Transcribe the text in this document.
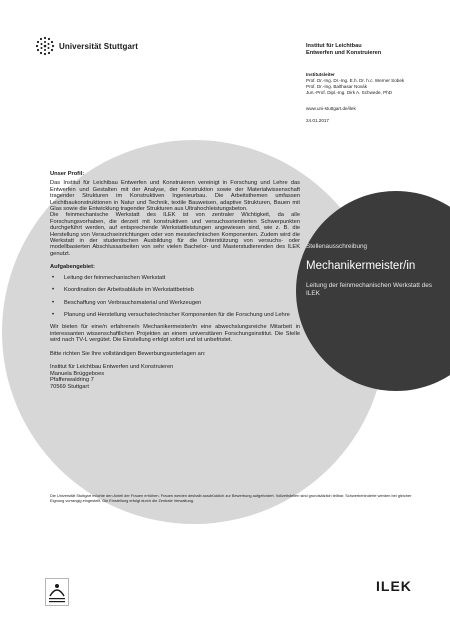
Universität Stuttgart	Institut für Leichtbau
Entwerfen und Konstruieren
Institutsleiter
Prof. Dr.-Ing. Dr.-Ing. E.h. Dr. h.c. Werner Sobek
Prof. Dr.-Ing. Balthasar Novák
Jun.-Prof. Dipl.-Ing. Dirk A. Schwede, PhD
www.uni-stuttgart.de/ilek
24.01.2017
Stellenausschreibung
Mechanikermeister/in
Leitung der feinmechanischen Werkstatt des ILEK

Unser Profil:

Das Institut für Leichtbau Entwerfen und Konstruieren vereinigt in Forschung und Lehre das Entwerfen und Gestalten mit der Analyse, der Konstruktion sowie der Materialwissenschaft tragender Strukturen im Konstruktiven Ingenieurbau. Die Arbeitsthemen umfassen Leichtbaukonstruktionen in Natur und Technik, textile Bauweisen, adaptive Strukturen, Bauen mit Glas sowie die Entwicklung tragender Strukturen aus Ultrahochleistungsbeton.

Die feinmechanische Werkstatt des ILEK ist von zentraler Wichtigkeit, da alle Forschungsvorhaben, die derzeit mit konstruktiven und versuchsorientierten Schwerpunkten durchgeführt werden, auf entsprechende Werkstattleistungen angewiesen sind, wie z. B. die Herstellung von Versuchseinrichtungen oder von messtechnischen Komponenten. Zudem wird die Werkstatt in der studentischen Ausbildung für die Unterstützung von versuchs- oder modellbasierten Abschlussarbeiten von sehr vielen Bachelor- und Masterstudierenden des ILEK genutzt.

Aufgabengebiet:

• Leitung der feinmechanischen Werkstatt
• Koordination der Arbeitsabläufe im Werkstattbetrieb
• Beschaffung von Verbrauchsmaterial und Werkzeugen
• Planung und Herstellung versuchstechnischer Komponenten für die Forschung und Lehre

Wir bieten für eine/n erfahrene/n Mechanikermeister/in eine abwechslungsreiche Mitarbeit in interessanten wissenschaftlichen Projekten an einem universitären Forschungsinstitut. Die Stelle wird nach TV-L vergütet. Die Einstellung erfolgt sofort und ist unbefristet.

Bitte richten Sie Ihre vollständigen Bewerbungsunterlagen an:

Institut für Leichtbau Entwerfen und Konstruieren
Manuela Brüggeboes
Pfaffenwaldring 7
70569 Stuttgart

Die Universität Stuttgart möchte den Anteil der Frauen erhöhen. Frauen werden deshalb ausdrücklich zur Bewerbung aufgefordert. Vollzeitstellen sind grundsätzlich teilbar. Schwerbehinderte werden bei gleicher Eignung vorrangig eingestellt. Die Einstellung erfolgt durch die Zentrale Verwaltung.
ILEK
